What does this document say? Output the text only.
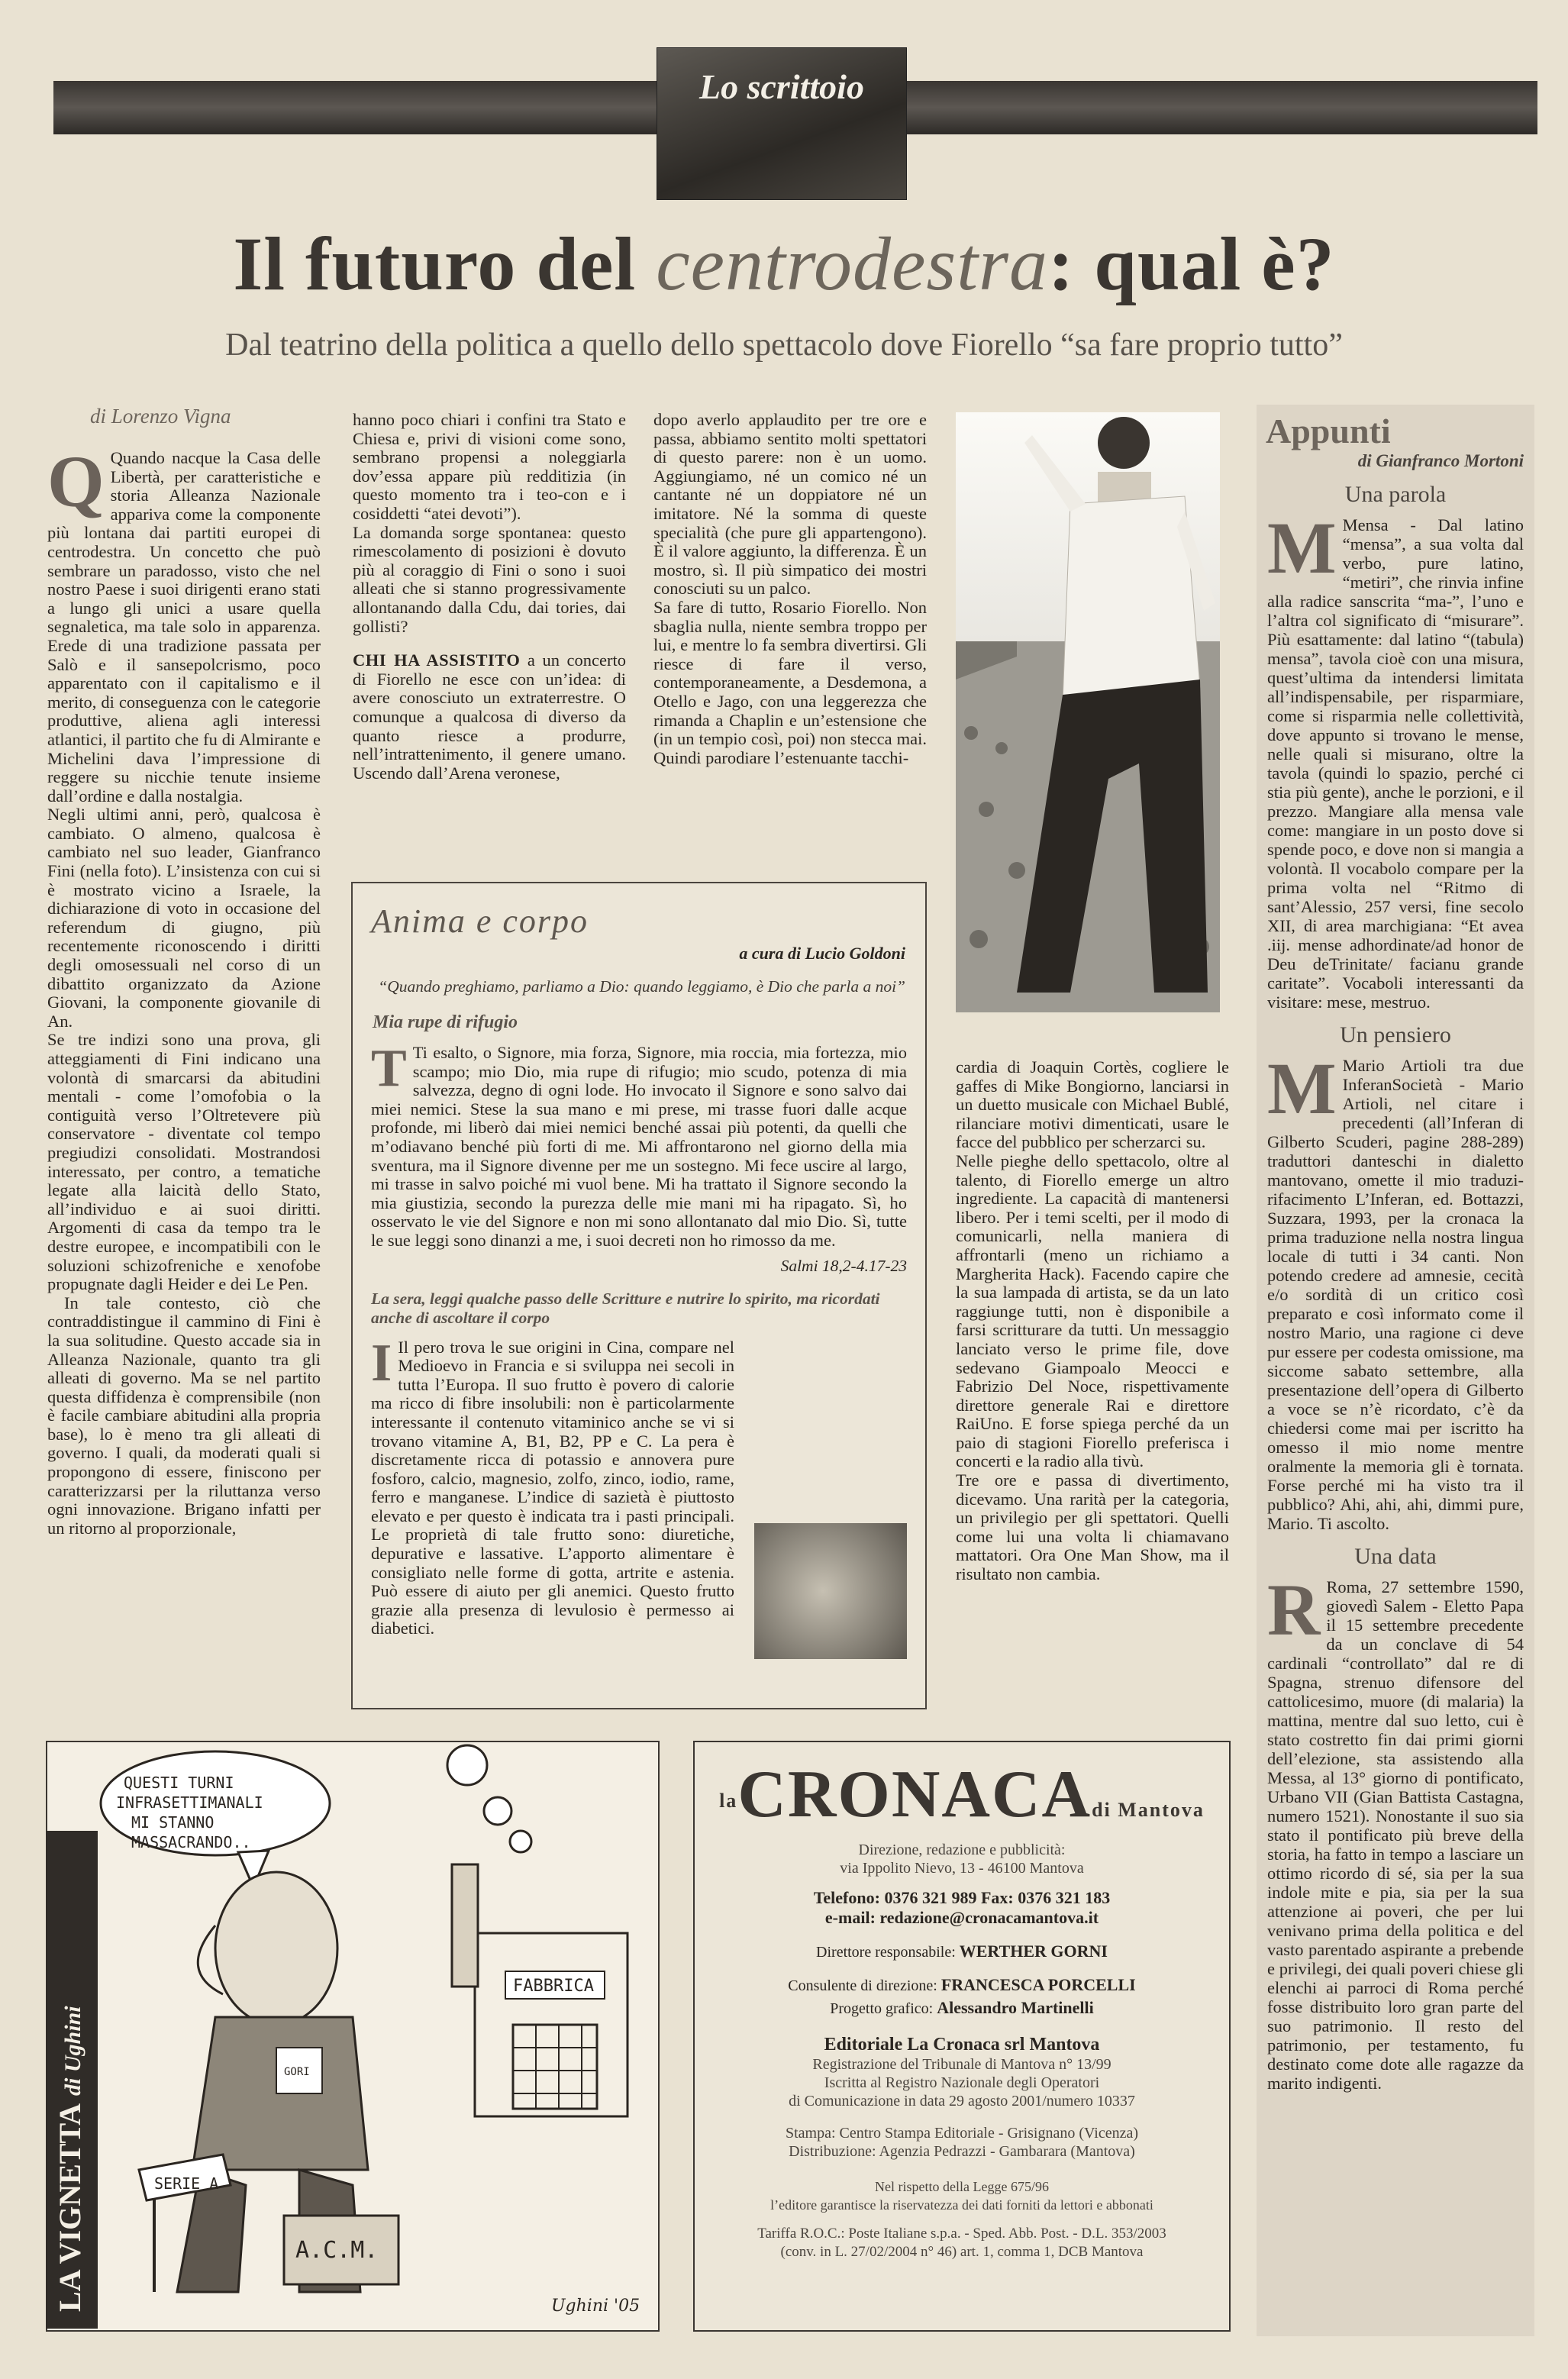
Lo scrittoio
Il futuro del centrodestra: qual è?
Dal teatrino della politica a quello dello spettacolo dove Fiorello “sa fare proprio tutto”
di Lorenzo Vigna
Q Quando nacque la Casa delle Libertà, per caratteristiche e storia Alleanza Nazionale appariva come la componente più lontana dai partiti europei di centrodestra. Un concetto che può sembrare un paradosso, visto che nel nostro Paese i suoi dirigenti erano stati a lungo gli unici a usare quella segnaletica, ma tale solo in apparenza. Erede di una tradizione passata per Salò e il sansepolcrismo, poco apparentato con il capitalismo e il merito, di conseguenza con le categorie produttive, aliena agli interessi atlantici, il partito che fu di Almirante e Michelini dava l’impressione di reggere su nicchie tenute insieme dall’ordine e dalla nostalgia.

Negli ultimi anni, però, qualcosa è cambiato. O almeno, qualcosa è cambiato nel suo leader, Gianfranco Fini (nella foto). L’insistenza con cui si è mostrato vicino a Israele, la dichiarazione di voto in occasione del referendum di giugno, più recentemente riconoscendo i diritti degli omosessuali nel corso di un dibattito organizzato da Azione Giovani, la componente giovanile di An.

Se tre indizi sono una prova, gli atteggiamenti di Fini indicano una volontà di smarcarsi da abitudini mentali - come l’omofobia o la contiguità verso l’Oltretevere più conservatore - diventate col tempo pregiudizi consolidati. Mostrandosi interessato, per contro, a tematiche legate alla laicità dello Stato, all’individuo e ai suoi diritti. Argomenti di casa da tempo tra le destre europee, e incompatibili con le soluzioni schizofreniche e xenofobe propugnate dagli Heider e dei Le Pen.

In tale contesto, ciò che contraddistingue il cammino di Fini è la sua solitudine. Questo accade sia in Alleanza Nazionale, quanto tra gli alleati di governo. Ma se nel partito questa diffidenza è comprensibile (non è facile cambiare abitudini alla propria base), lo è meno tra gli alleati di governo. I quali, da moderati quali si propongono di essere, finiscono per caratterizzarsi per la riluttanza verso ogni innovazione. Brigano infatti per un ritorno al proporzionale,

hanno poco chiari i confini tra Stato e Chiesa e, privi di visioni come sono, sembrano propensi a noleggiarla dov’essa appare più redditizia (in questo momento tra i teo-con e i cosiddetti “atei devoti”).

La domanda sorge spontanea: questo rimescolamento di posizioni è dovuto più al coraggio di Fini o sono i suoi alleati che si stanno progressivamente allontanando dalla Cdu, dai tories, dai gollisti?

CHI HA ASSISTITO a un concerto di Fiorello ne esce con un’idea: di avere conosciuto un extraterrestre. O comunque a qualcosa di diverso da quanto riesce a produrre, nell’intrattenimento, il genere umano. Uscendo dall’Arena veronese,

dopo averlo applaudito per tre ore e passa, abbiamo sentito molti spettatori di questo parere: non è un uomo. Aggiungiamo, né un comico né un cantante né un doppiatore né un imitatore. Né la somma di queste specialità (che pure gli appartengono). È il valore aggiunto, la differenza. È un mostro, sì. Il più simpatico dei mostri conosciuti su un palco.

Sa fare di tutto, Rosario Fiorello. Non sbaglia nulla, niente sembra troppo per lui, e mentre lo fa sembra divertirsi. Gli riesce di fare il verso, contemporaneamente, a Desdemona, a Otello e Jago, con una leggerezza che rimanda a Chaplin e un’estensione che (in un tempio così, poi) non stecca mai. Quindi parodiare l’estenuante tacchi-

cardia di Joaquin Cortès, cogliere le gaffes di Mike Bongiorno, lanciarsi in un duetto musicale con Michael Bublé, rilanciare motivi dimenticati, usare le facce del pubblico per scherzarci su.

Nelle pieghe dello spettacolo, oltre al talento, di Fiorello emerge un altro ingrediente. La capacità di mantenersi libero. Per i temi scelti, per il modo di comunicarli, nella maniera di affrontarli (meno un richiamo a Margherita Hack). Facendo capire che la sua lampada di artista, se da un lato raggiunge tutti, non è disponibile a farsi scritturare da tutti. Un messaggio lanciato verso le prime file, dove sedevano Giampoalo Meocci e Fabrizio Del Noce, rispettivamente direttore generale Rai e direttore RaiUno. E forse spiega perché da un paio di stagioni Fiorello preferisca i concerti e la radio alla tivù.

Tre ore e passa di divertimento, dicevamo. Una rarità per la categoria, un privilegio per gli spettatori. Quelli come lui una volta li chiamavano mattatori. Ora One Man Show, ma il risultato non cambia.

Anima e corpo
a cura di Lucio Goldoni
“Quando preghiamo, parliamo a Dio: quando leggiamo, è Dio che parla a noi”
Mia rupe di rifugio
T Ti esalto, o Signore, mia forza, Signore, mia roccia, mia fortezza, mio scampo; mio Dio, mia rupe di rifugio; mio scudo, potenza di mia salvezza, degno di ogni lode. Ho invocato il Signore e sono salvo dai miei nemici. Stese la sua mano e mi prese, mi trasse fuori dalle acque profonde, mi liberò dai miei nemici benché assai più potenti, da quelli che m’odiavano benché più forti di me. Mi affrontarono nel giorno della mia sventura, ma il Signore divenne per me un sostegno. Mi fece uscire al largo, mi trasse in salvo poiché mi vuol bene. Mi ha trattato il Signore secondo la mia giustizia, secondo la purezza delle mie mani mi ha ripagato. Sì, ho osservato le vie del Signore e non mi sono allontanato dal mio Dio. Sì, tutte le sue leggi sono dinanzi a me, i suoi decreti non ho rimosso da me.

Salmi 18,2-4.17-23
La sera, leggi qualche passo delle Scritture e nutrire lo spirito, ma ricordati anche di ascoltare il corpo
I Il pero trova le sue origini in Cina, compare nel Medioevo in Francia e si sviluppa nei secoli in tutta l’Europa. Il suo frutto è povero di calorie ma ricco di fibre insolubili: non è particolarmente interessante il contenuto vitaminico anche se vi si trovano vitamine A, B1, B2, PP e C. La pera è discretamente ricca di potassio e annovera pure fosforo, calcio, magnesio, zolfo, zinco, iodio, rame, ferro e manganese. L’indice di sazietà è piuttosto elevato e per questo è indicata tra i pasti principali. Le proprietà di tale frutto sono: diuretiche, depurative e lassative. L’apporto alimentare è consigliato nelle forme di gotta, artrite e astenia. Può essere di aiuto per gli anemici. Questo frutto grazie alla presenza di levulosio è permesso ai diabetici.

Appunti
di Gianfranco Mortoni
Una parola
M Mensa - Dal latino “mensa”, a sua volta dal verbo, pure latino, “metiri”, che rinvia infine alla radice sanscrita “ma-”, l’uno e l’altra col significato di “misurare”. Più esattamente: dal latino “(tabula) mensa”, tavola cioè con una misura, quest’ultima da intendersi limitata all’indispensabile, per risparmiare, come si risparmia nelle collettività, dove appunto si trovano le mense, nelle quali si misurano, oltre la tavola (quindi lo spazio, perché ci stia più gente), anche le porzioni, e il prezzo. Mangiare alla mensa vale come: mangiare in un posto dove si spende poco, e dove non si mangia a volontà. Il vocabolo compare per la prima volta nel “Ritmo di sant’Alessio, 257 versi, fine secolo XII, di area marchigiana: “Et avea .iij. mense adhordinate/ad honor de Deu deTrinitate/ facianu grande caritate”. Vocaboli interessanti da visitare: mese, mestruo.

Un pensiero
M Mario Artioli tra due InferanSocietà - Mario Artioli, nel citare i precedenti (all’Inferan di Gilberto Scuderi, pagine 288-289) traduttori danteschi in dialetto mantovano, omette il mio traduzi-rifacimento L’Inferan, ed. Bottazzi, Suzzara, 1993, per la cronaca la prima traduzione nella nostra lingua locale di tutti i 34 canti. Non potendo credere ad amnesie, cecità e/o sordità di un critico così preparato e così informato come il nostro Mario, una ragione ci deve pur essere per codesta omissione, ma siccome sabato settembre, alla presentazione dell’opera di Gilberto a voce se n’è ricordato, c’è da chiedersi come mai per iscritto ha omesso il mio nome mentre oralmente la memoria gli è tornata. Forse perché mi ha visto tra il pubblico? Ahi, ahi, ahi, dimmi pure, Mario. Ti ascolto.

Una data
R Roma, 27 settembre 1590, giovedì Salem - Eletto Papa il 15 settembre precedente da un conclave di 54 cardinali “controllato” dal re di Spagna, strenuo difensore del cattolicesimo, muore (di malaria) la mattina, mentre dal suo letto, cui è stato costretto fin dai primi giorni dell’elezione, sta assistendo alla Messa, al 13° giorno di pontificato, Urbano VII (Gian Battista Castagna, numero 1521). Nonostante il suo sia stato il pontificato più breve della storia, ha fatto in tempo a lasciare un ottimo ricordo di sé, sia per la sua indole mite e pia, sia per la sua attenzione ai poveri, che per lui venivano prima della politica e del vasto parentado aspirante a prebende e privilegi, dei quali poveri chiese gli elenchi ai parroci di Roma perché fosse distribuito loro gran parte del suo patrimonio. Il resto del patrimonio, per testamento, fu destinato come dote alle ragazze da marito indigenti.

QUESTI TURNI INFRASETTIMANALI MI STANNO MASSACRANDO..
FABBRICA
GORI
A.C.M.
SERIE A
Ughini '05
LA VIGNETTA di Ughini
laCRONACAdi Mantova
Direzione, redazione e pubblicità:
via Ippolito Nievo, 13 - 46100 Mantova
Telefono: 0376 321 989 Fax: 0376 321 183
e-mail: redazione@cronacamantova.it
Direttore responsabile: WERTHER GORNI
Consulente di direzione: FRANCESCA PORCELLI
Progetto grafico: Alessandro Martinelli
Editoriale La Cronaca srl Mantova
Registrazione del Tribunale di Mantova n° 13/99
Iscritta al Registro Nazionale degli Operatori
di Comunicazione in data 29 agosto 2001/numero 10337
Stampa: Centro Stampa Editoriale - Grisignano (Vicenza)
Distribuzione: Agenzia Pedrazzi - Gambarara (Mantova)
Nel rispetto della Legge 675/96
l’editore garantisce la riservatezza dei dati forniti da lettori e abbonati
Tariffa R.O.C.: Poste Italiane s.p.a. - Sped. Abb. Post. - D.L. 353/2003
(conv. in L. 27/02/2004 n° 46) art. 1, comma 1, DCB Mantova
